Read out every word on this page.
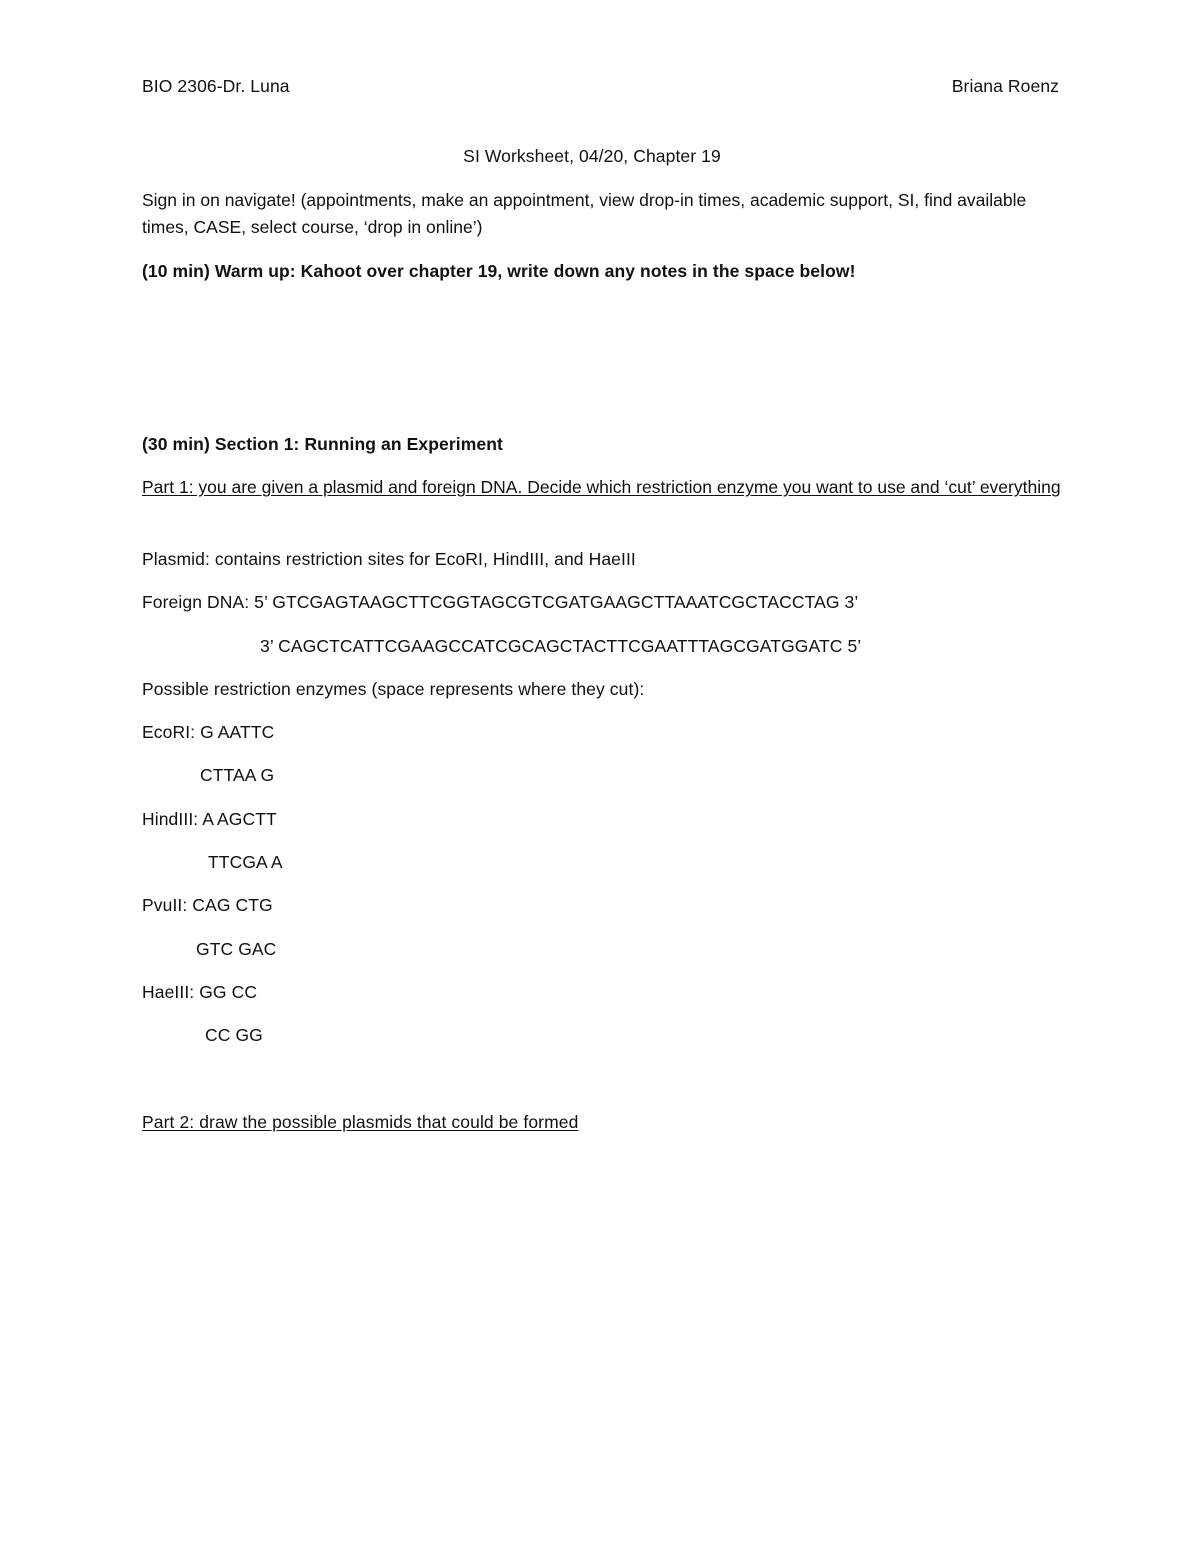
BIO 2306-Dr. Luna	Briana Roenz
SI Worksheet, 04/20, Chapter 19
Sign in on navigate! (appointments, make an appointment, view drop-in times, academic support, SI, find available times, CASE, select course, ‘drop in online’)
(10 min) Warm up: Kahoot over chapter 19, write down any notes in the space below!
(30 min) Section 1: Running an Experiment
Part 1: you are given a plasmid and foreign DNA. Decide which restriction enzyme you want to use and ‘cut’ everything
Plasmid: contains restriction sites for EcoRI, HindIII, and HaeIII
Foreign DNA: 5’ GTCGAGTAAGCTTCGGTAGCGTCGATGAAGCTTAAATCGCTACCTAG 3’
3’ CAGCTCATTCGAAGCCATCGCAGCTACTTCGAATTTAGCGATGGATC 5’
Possible restriction enzymes (space represents where they cut):
EcoRI: G AATTC
CTTAA G
HindIII: A AGCTT
TTCGA A
PvuII: CAG CTG
GTC GAC
HaeIII: GG CC
CC GG
Part 2: draw the possible plasmids that could be formed
